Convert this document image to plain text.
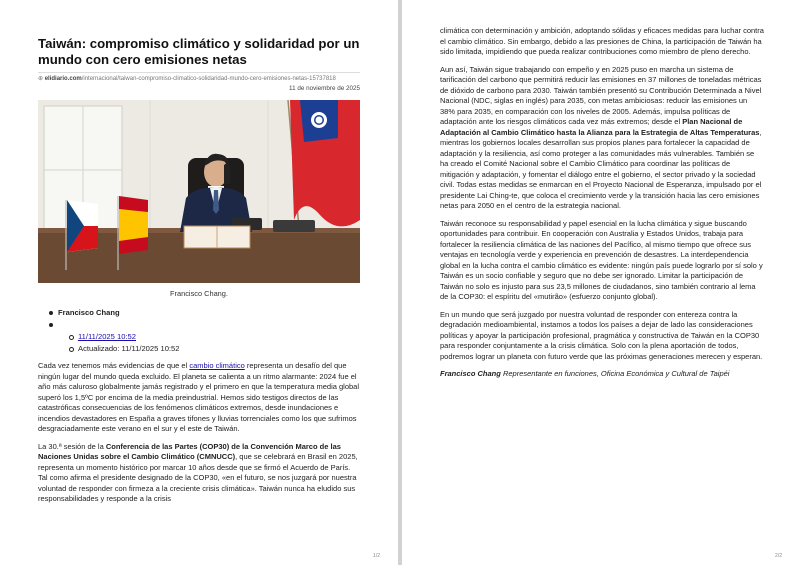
Taiwán: compromiso climático y solidaridad por un mundo con cero emisiones netas
⊕ elidiario.com/internacional/taiwan-compromiso-climatico-solidaridad-mundo-cero-emisiones-netas-15737818
11 de noviembre de 2025
Francisco Chang.
Francisco Chang

11/11/2025 10:52
Actualizado: 11/11/2025 10:52

Cada vez tenemos más evidencias de que el cambio climático representa un desafío del que ningún lugar del mundo queda excluido. El planeta se calienta a un ritmo alarmante: 2024 fue el año más caluroso globalmente jamás registrado y el primero en que la temperatura media global superó los 1,5ºC por encima de la media preindustrial. Hemos sido testigos directos de las catastróficas consecuencias de los fenómenos climáticos extremos, desde inundaciones e incendios devastadores en España a graves tifones y lluvias torrenciales como los que sufrimos desgraciadamente este verano en el sur y el este de Taiwán.

La 30.ª sesión de la Conferencia de las Partes (COP30) de la Convención Marco de las Naciones Unidas sobre el Cambio Climático (CMNUCC), que se celebrará en Brasil en 2025, representa un momento histórico por marcar 10 años desde que se firmó el Acuerdo de París. Tal como afirma el presidente designado de la COP30, «en el futuro, se nos juzgará por nuestra voluntad de responder con firmeza a la creciente crisis climática». Taiwán nunca ha eludido sus responsabilidades y responde a la crisis

1/2

climática con determinación y ambición, adoptando sólidas y eficaces medidas para luchar contra el cambio climático. Sin embargo, debido a las presiones de China, la participación de Taiwán ha sido limitada, impidiendo que pueda realizar contribuciones como miembro de pleno derecho.

Aun así, Taiwán sigue trabajando con empeño y en 2025 puso en marcha un sistema de tarificación del carbono que permitirá reducir las emisiones en 37 millones de toneladas métricas de dióxido de carbono para 2030. Taiwán también presentó su Contribución Determinada a Nivel Nacional (NDC, siglas en inglés) para 2035, con metas ambiciosas: reducir las emisiones un 38% para 2035, en comparación con los niveles de 2005. Además, impulsa políticas de adaptación ante los riesgos climáticos cada vez más extremos; desde el Plan Nacional de Adaptación al Cambio Climático hasta la Alianza para la Estrategia de Altas Temperaturas, mientras los gobiernos locales desarrollan sus propios planes para fortalecer la capacidad de adaptación y la resiliencia, así como proteger a las comunidades más vulnerables. También se ha creado el Comité Nacional sobre el Cambio Climático para coordinar las políticas de mitigación y adaptación, y fomentar el diálogo entre el gobierno, el sector privado y la sociedad civil. Todas estas medidas se enmarcan en el Proyecto Nacional de Esperanza, impulsado por el presidente Lai Ching-te, que coloca el crecimiento verde y la transición hacia las cero emisiones netas para 2050 en el centro de la estrategia nacional.

Taiwán reconoce su responsabilidad y papel esencial en la lucha climática y sigue buscando oportunidades para contribuir. En cooperación con Australia y Estados Unidos, trabaja para fortalecer la resiliencia climática de las naciones del Pacífico, al mismo tiempo que ofrece sus ventajas en tecnología verde y experiencia en prevención de desastres. La interdependencia global en la lucha contra el cambio climático es evidente: ningún país puede lograrlo por sí solo y Taiwán es un socio confiable y seguro que no debe ser ignorado. Limitar la participación de Taiwán no solo es injusto para sus 23,5 millones de ciudadanos, sino también contrario al lema de la COP30: el espíritu del «mutirão» (esfuerzo conjunto global).

En un mundo que será juzgado por nuestra voluntad de responder con entereza contra la degradación medioambiental, instamos a todos los países a dejar de lado las consideraciones políticas y apoyar la participación profesional, pragmática y constructiva de Taiwán en la COP30 para responder conjuntamente a la crisis climática. Solo con la plena aportación de todos, podremos lograr un planeta con futuro verde que las próximas generaciones merecen y esperan.

Francisco Chang Representante en funciones, Oficina Económica y Cultural de Taipéi

2/2
